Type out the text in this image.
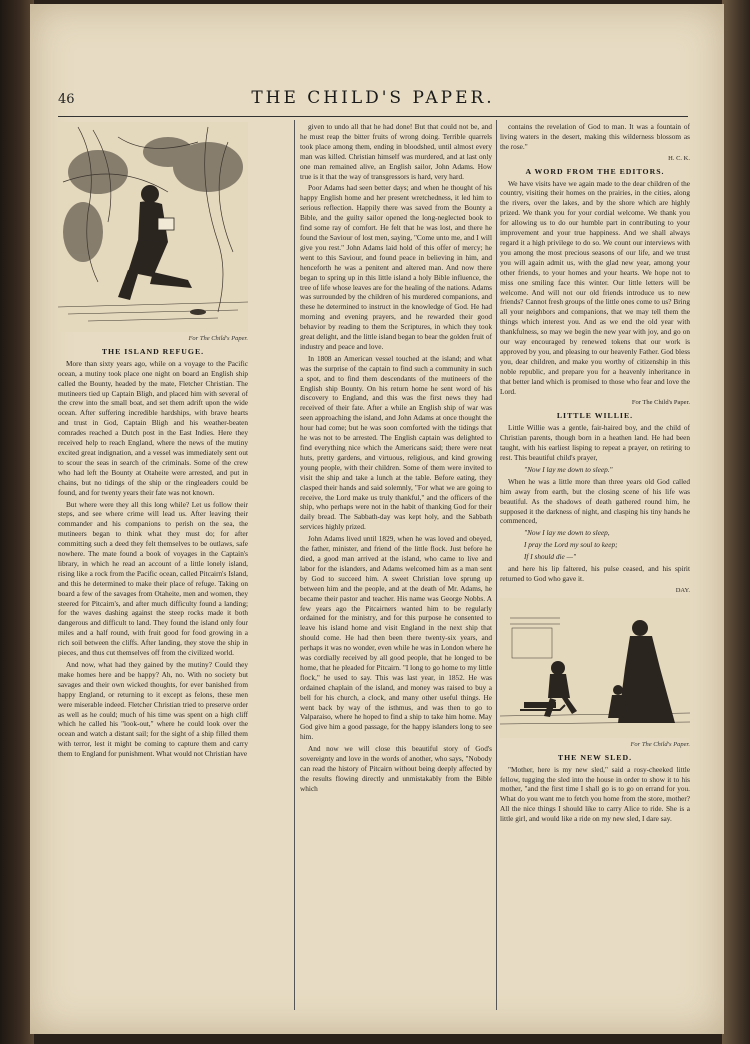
THE CHILD'S PAPER.
46
For The Child's Paper.
THE ISLAND REFUGE.

More than sixty years ago, while on a voyage to the Pacific ocean, a mutiny took place one night on board an English ship called the Bounty, headed by the mate, Fletcher Christian. The mutineers tied up Captain Bligh, and placed him with several of the crew into the small boat, and set them adrift upon the wide ocean. After suffering incredible hardships, with brave hearts and trust in God, Captain Bligh and his weather-beaten comrades reached a Dutch post in the East Indies. Here they received help to reach England, where the news of the mutiny excited great indignation, and a vessel was immediately sent out to scour the seas in search of the criminals. Some of the crew who had left the Bounty at Otaheite were arrested, and put in chains, but no tidings of the ship or the ringleaders could be found, and for twenty years their fate was not known.

But where were they all this long while? Let us follow their steps, and see where crime will lead us. After leaving their commander and his companions to perish on the sea, the mutineers began to think what they must do; for after committing such a deed they felt themselves to be outlaws, safe nowhere. The mate found a book of voyages in the Captain's library, in which he read an account of a little lonely island, rising like a rock from the Pacific ocean, called Pitcairn's Island, and this he determined to make their place of refuge. Taking on board a few of the savages from Otaheite, men and women, they steered for Pitcairn's, and after much difficulty found a landing; for the waves dashing against the steep rocks made it both dangerous and difficult to land. They found the island only four miles and a half round, with fruit good for food growing in a rich soil between the cliffs. After landing, they stove the ship in pieces, and thus cut themselves off from the civilized world.

And now, what had they gained by the mutiny? Could they make homes here and be happy? Ah, no. With no society but savages and their own wicked thoughts, for ever banished from happy England, or returning to it except as felons, these men were miserable indeed. Fletcher Christian tried to preserve order as well as he could; much of his time was spent on a high cliff which he called his "look-out," where he could look over the ocean and watch a distant sail; for the sight of a ship filled them with terror, lest it might be coming to capture them and carry them to England for punishment. What would not Christian have

given to undo all that he had done! But that could not be, and he must reap the bitter fruits of wrong doing. Terrible quarrels took place among them, ending in bloodshed, until almost every man was killed. Christian himself was murdered, and at last only one man remained alive, an English sailor, John Adams. How true is it that the way of transgressors is hard, very hard.

Poor Adams had seen better days; and when he thought of his happy English home and her present wretchedness, it led him to serious reflection. Happily there was saved from the Bounty a Bible, and the guilty sailor opened the long-neglected book to find some ray of comfort. He felt that he was lost, and there he found the Saviour of lost men, saying, "Come unto me, and I will give you rest." John Adams laid hold of this offer of mercy; he went to this Saviour, and found peace in believing in him, and henceforth he was a penitent and altered man. And now there began to spring up in this little island a holy Bible influence, the tree of life whose leaves are for the healing of the nations. Adams was surrounded by the children of his murdered companions, and these he determined to instruct in the knowledge of God. He had morning and evening prayers, and he rewarded their good behavior by reading to them the Scriptures, in which they took great delight, and the little island began to bear the golden fruit of industry and peace and love.

In 1808 an American vessel touched at the island; and what was the surprise of the captain to find such a community in such a spot, and to find them descendants of the mutineers of the English ship Bounty. On his return home he sent word of his discovery to England, and this was the first news they had received of their fate. After a while an English ship of war was seen approaching the island, and John Adams at once thought the hour had come; but he was soon comforted with the tidings that he was not to be arrested. The English captain was delighted to find everything nice which the Americans said; there were neat huts, pretty gardens, and virtuous, religious, and kind growing young people, with their children. Some of them were invited to visit the ship and take a lunch at the table. Before eating, they clasped their hands and said solemnly, "For what we are going to receive, the Lord make us truly thankful," and the officers of the ship, who perhaps were not in the habit of thanking God for their daily bread. The Sabbath-day was kept holy, and the Sabbath services highly prized.

John Adams lived until 1829, when he was loved and obeyed, the father, minister, and friend of the little flock. Just before he died, a good man arrived at the island, who came to live and labor for the islanders, and Adams welcomed him as a man sent by God to succeed him. A sweet Christian love sprung up between him and the people, and at the death of Mr. Adams, he became their pastor and teacher. His name was George Nobbs. A few years ago the Pitcairners wanted him to be regularly ordained for the ministry, and for this purpose he consented to leave his island home and visit England in the next ship that should come. He had then been there twenty-six years, and perhaps it was no wonder, even while he was in London where he was cordially received by all good people, that he longed to be home, that he pleaded for Pitcairn. "I long to go home to my little flock," he used to say. This was last year, in 1852. He was ordained chaplain of the island, and money was raised to buy a bell for his church, a clock, and many other useful things. He went back by way of the isthmus, and was then to go to Valparaiso, where he hoped to find a ship to take him home. May God give him a good passage, for the happy islanders long to see him.

And now we will close this beautiful story of God's sovereignty and love in the words of another, who says, "Nobody can read the history of Pitcairn without being deeply affected by the results flowing directly and unmistakably from the Bible which

contains the revelation of God to man. It was a fountain of living waters in the desert, making this wilderness blossom as the rose."

H. C. K.
A WORD FROM THE EDITORS.

We have visits have we again made to the dear children of the country, visiting their homes on the prairies, in the cities, along the rivers, over the lakes, and by the shore which are highly prized. We thank you for your cordial welcome. We thank you for allowing us to do our humble part in contributing to your improvement and your true happiness. And we shall always regard it a high privilege to do so. We count our interviews with you among the most precious seasons of our life, and we trust you will again admit us, with the glad new year, among your other friends, to your homes and your hearts. We hope not to miss one smiling face this winter. Our little letters will be welcome. And will not our old friends introduce us to new friends? Cannot fresh groups of the little ones come to us? Bring all your neighbors and companions, that we may tell them the things which interest you. And as we end the old year with thankfulness, so may we begin the new year with joy, and go on our way encouraged by renewed tokens that our work is approved by you, and pleasing to our heavenly Father. God bless you, dear children, and make you worthy of citizenship in this noble republic, and prepare you for a heavenly inheritance in that better land which is promised to those who fear and love the Lord.

For The Child's Paper.
LITTLE WILLIE.

Little Willie was a gentle, fair-haired boy, and the child of Christian parents, though born in a heathen land. He had been taught, with his earliest lisping to repeat a prayer, on retiring to rest. This beautiful child's prayer,

"Now I lay me down to sleep."

When he was a little more than three years old God called him away from earth, but the closing scene of his life was beautiful. As the shadows of death gathered round him, he supposed it the darkness of night, and clasping his tiny hands he commenced,

"Now I lay me down to sleep,

I pray the Lord my soul to keep;

If I should die —"

and here his lip faltered, his pulse ceased, and his spirit returned to God who gave it.

DAY.
For The Child's Paper.
THE NEW SLED.

"Mother, here is my new sled," said a rosy-cheeked little fellow, tugging the sled into the house in order to show it to his mother, "and the first time I shall go is to go on errand for you. What do you want me to fetch you home from the store, mother? All the nice things I should like to carry Alice to ride. She is a little girl, and would like a ride on my new sled, I dare say.
